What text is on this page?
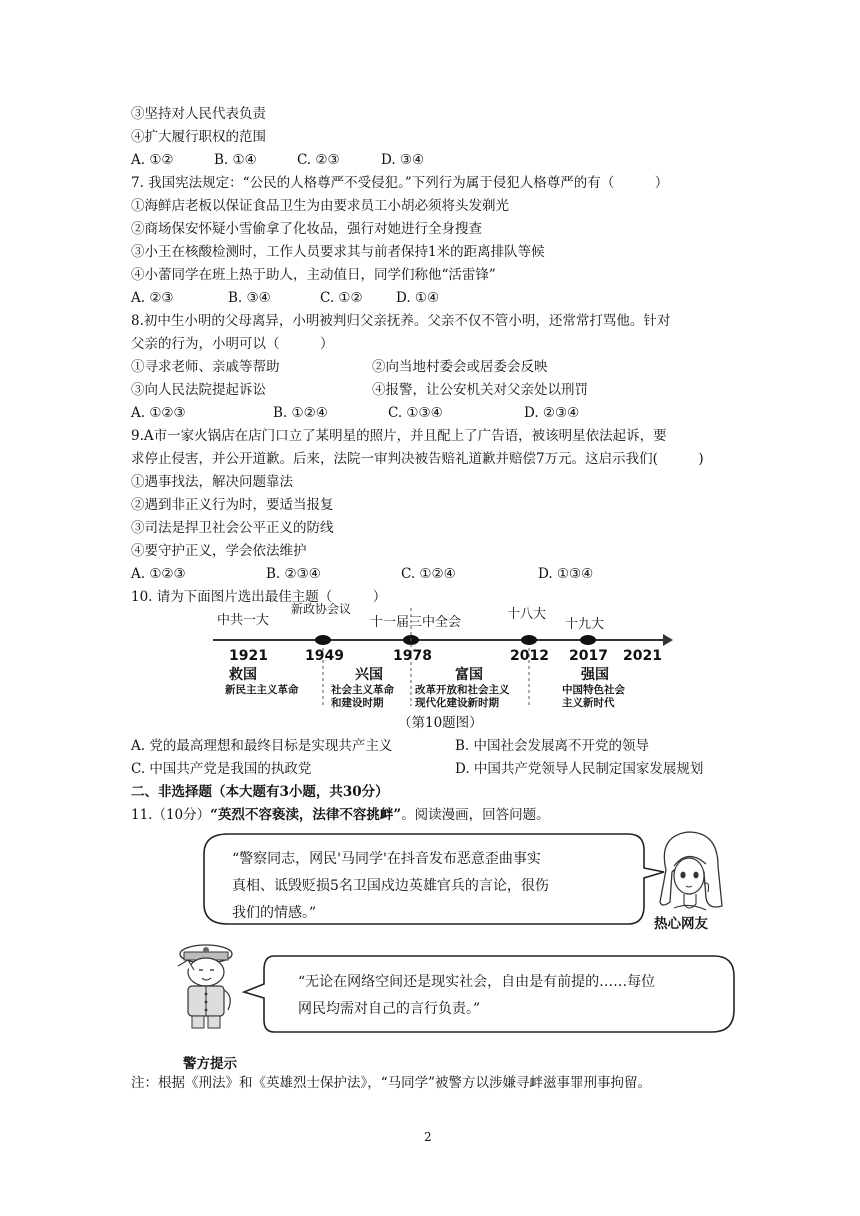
③坚持对人民代表负责
④扩大履行职权的范围
A. ①②	B. ①④	C. ②③	D. ③④
7. 我国宪法规定：“公民的人格尊严不受侵犯。”下列行为属于侵犯人格尊严的有（　　　）
①海鲜店老板以保证食品卫生为由要求员工小胡必须将头发剃光
②商场保安怀疑小雪偷拿了化妆品，强行对她进行全身搜查
③小王在核酸检测时，工作人员要求其与前者保持1米的距离排队等候
④小蕾同学在班上热于助人，主动值日，同学们称他“活雷锋”
A. ②③	B. ③④	C. ①② D. ①④
8.初中生小明的父母离异，小明被判归父亲抚养。父亲不仅不管小明，还常常打骂他。针对
父亲的行为，小明可以（　　　）
①寻求老师、亲戚等帮助	②向当地村委会或居委会反映
③向人民法院提起诉讼	④报警，让公安机关对父亲处以刑罚
A. ①②③	B. ①②④	C. ①③④	D. ②③④
9.A市一家火锅店在店门口立了某明星的照片，并且配上了广告语，被该明星依法起诉，要
求停止侵害，并公开道歉。后来，法院一审判决被告赔礼道歉并赔偿7万元。这启示我们(　　　)
①遇事找法，解决问题靠法
②遇到非正义行为时，要适当报复
③司法是捍卫社会公平正义的防线
④要守护正义，学会依法维护
A. ①②③	B. ②③④	C. ①②④	D. ①③④
10. 请为下面图片选出最佳主题（　　　）
中共一大
新政协会议
十一届三中全会
十八大
十九大
1921	1949	1978	2012 2017 2021
救国	兴国	富国	强国
新民主主义革命	社会主义革命
和建设时期
改革开放和社会主义
现代化建设新时期
中国特色社会
主义新时代
（第10题图）
A. 党的最高理想和最终目标是实现共产主义	B. 中国社会发展离不开党的领导
C. 中国共产党是我国的执政党	D. 中国共产党领导人民制定国家发展规划
二、非选择题（本大题有3小题，共30分）
11.（10分）“英烈不容亵渎，法律不容挑衅”。阅读漫画，回答问题。
“警察同志，网民'马同学'在抖音发布恶意歪曲事实
真相、诋毁贬损5名卫国戍边英雄官兵的言论，很伤
我们的情感。”
热心网友
“无论在网络空间还是现实社会，自由是有前提的……每位
网民均需对自己的言行负责。”
警方提示
注：根据《刑法》和《英雄烈士保护法》，“马同学”被警方以涉嫌寻衅滋事罪刑事拘留。
2
